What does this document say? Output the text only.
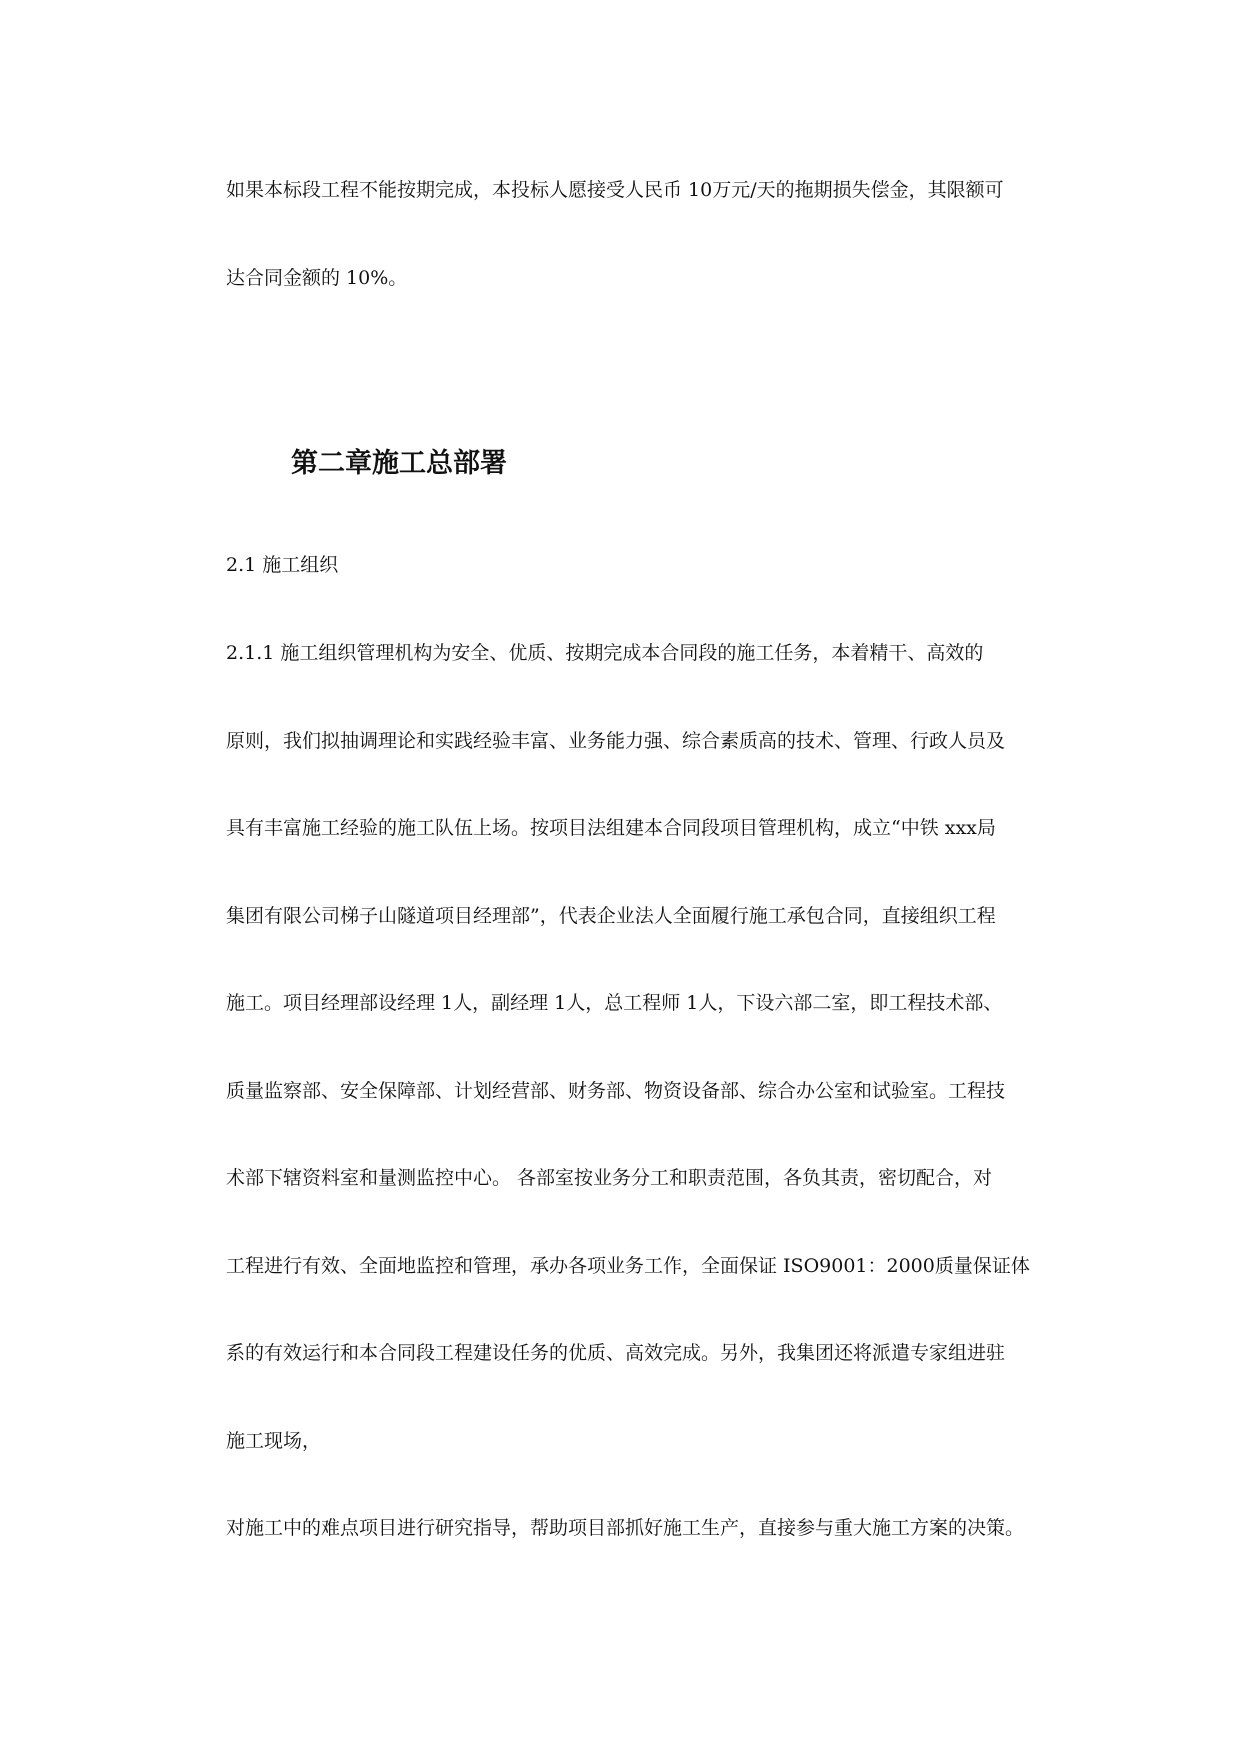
如果本标段工程不能按期完成，本投标人愿接受人民币 10万元/天的拖期损失偿金，其限额可

达合同金额的 10%。

第二章施工总部署

2.1 施工组织

2.1.1 施工组织管理机构为安全、优质、按期完成本合同段的施工任务，本着精干、高效的

原则，我们拟抽调理论和实践经验丰富、业务能力强、综合素质高的技术、管理、行政人员及

具有丰富施工经验的施工队伍上场。按项目法组建本合同段项目管理机构，成立“中铁 xxx局

集团有限公司梯子山隧道项目经理部”，代表企业法人全面履行施工承包合同，直接组织工程

施工。项目经理部设经理 1人，副经理 1人，总工程师 1人，下设六部二室，即工程技术部、

质量监察部、安全保障部、计划经营部、财务部、物资设备部、综合办公室和试验室。工程技

术部下辖资料室和量测监控中心。 各部室按业务分工和职责范围，各负其责，密切配合，对

工程进行有效、全面地监控和管理，承办各项业务工作，全面保证 ISO9001：2000质量保证体

系的有效运行和本合同段工程建设任务的优质、高效完成。另外，我集团还将派遣专家组进驻

施工现场，

对施工中的难点项目进行研究指导，帮助项目部抓好施工生产，直接参与重大施工方案的决策。
